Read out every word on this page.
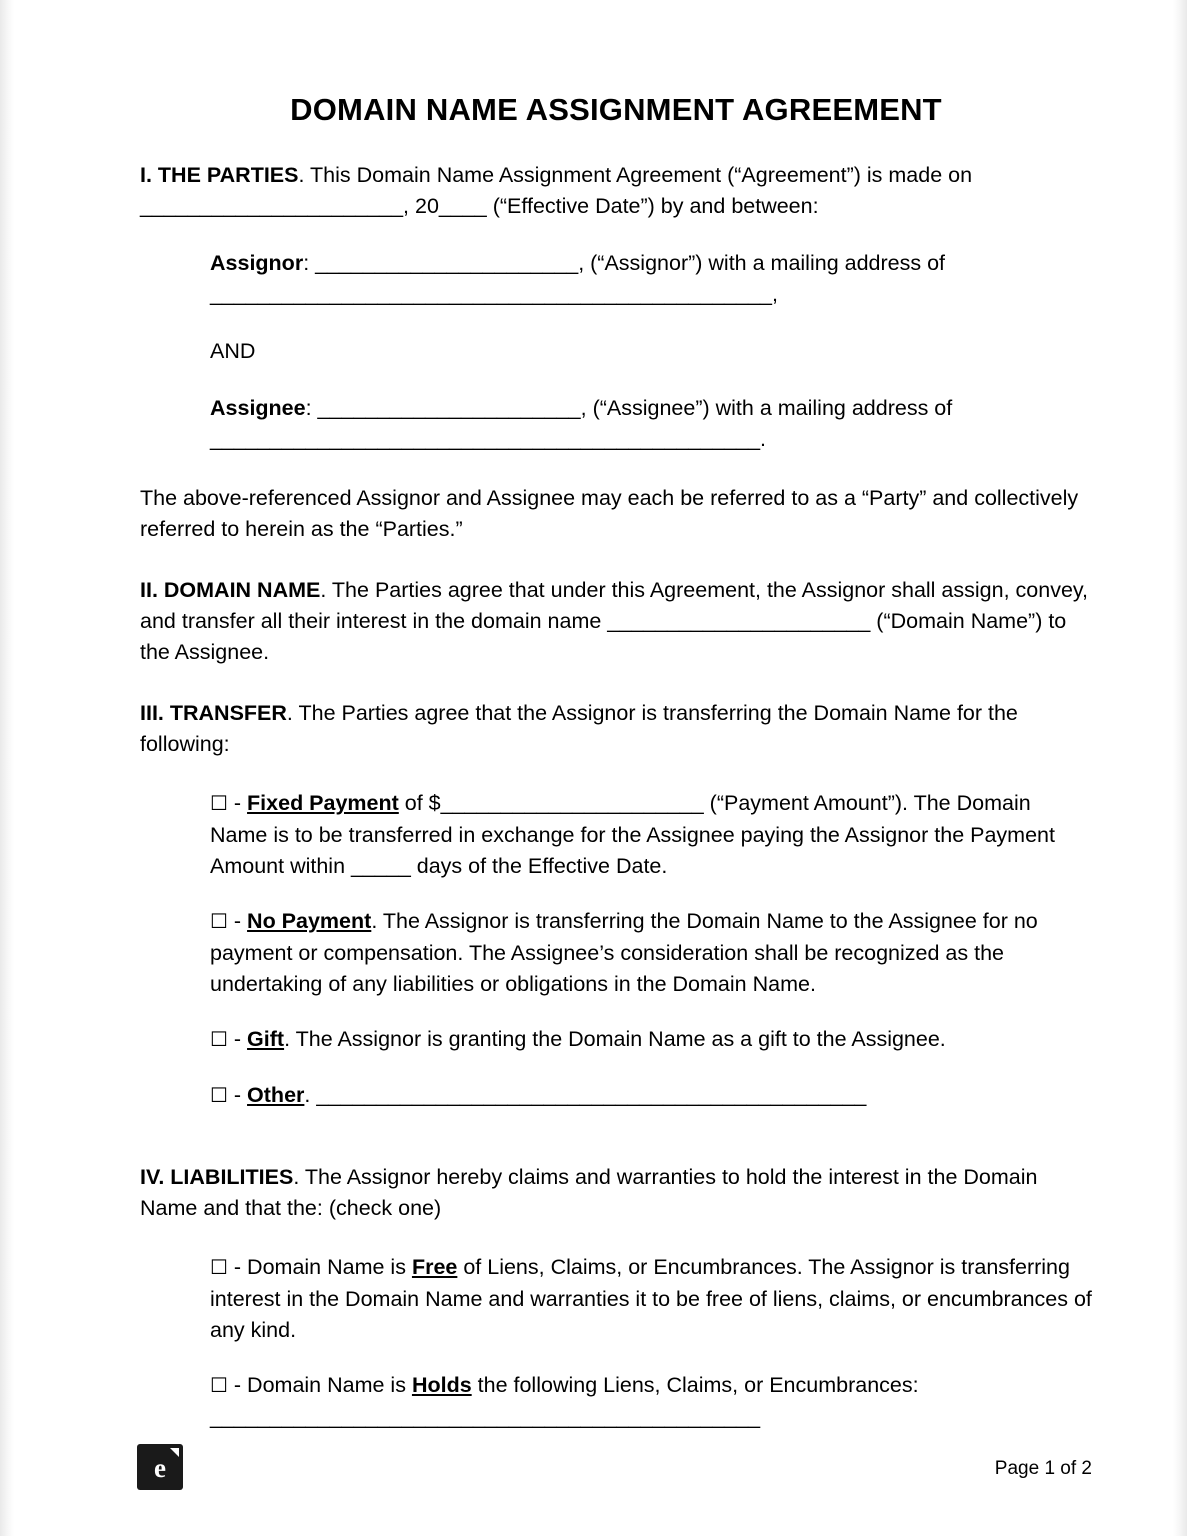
DOMAIN NAME ASSIGNMENT AGREEMENT

I. THE PARTIES. This Domain Name Assignment Agreement (“Agreement”) is made on ______________________, 20____ (“Effective Date”) by and between:

Assignor: ______________________, (“Assignor”) with a mailing address of _______________________________________________,

AND

Assignee: ______________________, (“Assignee”) with a mailing address of ______________________________________________.

The above-referenced Assignor and Assignee may each be referred to as a “Party” and collectively referred to herein as the “Parties.”

II. DOMAIN NAME. The Parties agree that under this Agreement, the Assignor shall assign, convey, and transfer all their interest in the domain name ______________________ (“Domain Name”) to the Assignee.

III. TRANSFER. The Parties agree that the Assignor is transferring the Domain Name for the following:

☐ - Fixed Payment of $______________________ (“Payment Amount”). The Domain Name is to be transferred in exchange for the Assignee paying the Assignor the Payment Amount within _____ days of the Effective Date.

☐ - No Payment. The Assignor is transferring the Domain Name to the Assignee for no payment or compensation. The Assignee’s consideration shall be recognized as the undertaking of any liabilities or obligations in the Domain Name.

☐ - Gift. The Assignor is granting the Domain Name as a gift to the Assignee.

☐ - Other. ______________________________________________

IV. LIABILITIES. The Assignor hereby claims and warranties to hold the interest in the Domain Name and that the: (check one)

☐ - Domain Name is Free of Liens, Claims, or Encumbrances. The Assignor is transferring interest in the Domain Name and warranties it to be free of liens, claims, or encumbrances of any kind.

☐ - Domain Name is Holds the following Liens, Claims, or Encumbrances: ______________________________________________

e	Page 1 of 2
